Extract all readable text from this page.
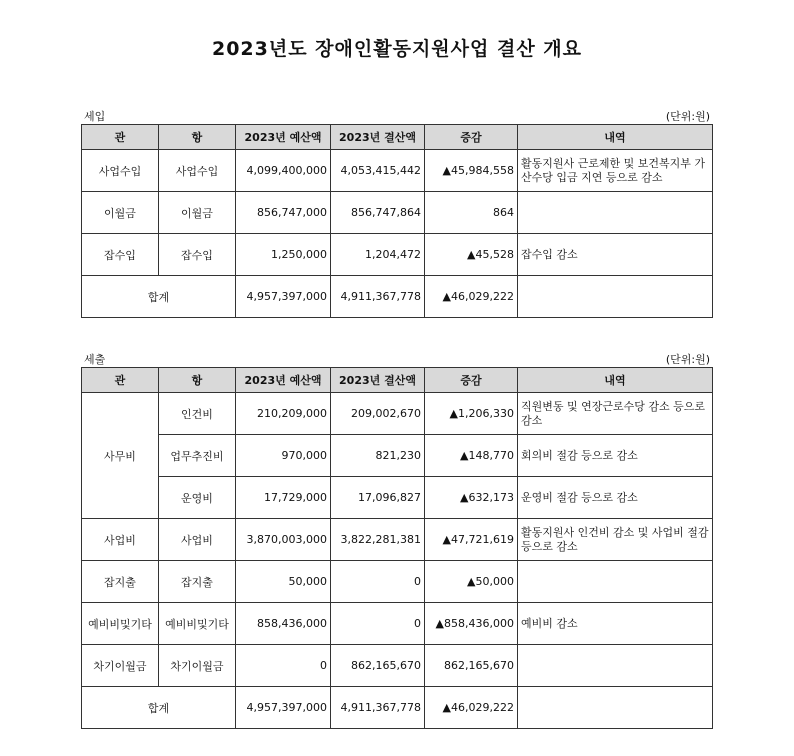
2023년도 장애인활동지원사업 결산 개요
세입	(단위:원)
관	항	2023년 예산액	2023년 결산액	증감	내역
사업수입	사업수입	4,099,400,000	4,053,415,442	▲45,984,558	활동지원사 근로제한 및 보건복지부 가산수당 입금 지연 등으로 감소
이월금	이월금	856,747,000	856,747,864	864	
잡수입	잡수입	1,250,000	1,204,472	▲45,528	잡수입 감소
합계		4,957,397,000	4,911,367,778	▲46,029,222	
세출	(단위:원)
관	항	2023년 예산액	2023년 결산액	증감	내역
사무비	인건비	210,209,000	209,002,670	▲1,206,330	직원변동 및 연장근로수당 감소 등으로 감소
	업무추진비	970,000	821,230	▲148,770	회의비 절감 등으로 감소
	운영비	17,729,000	17,096,827	▲632,173	운영비 절감 등으로 감소
사업비	사업비	3,870,003,000	3,822,281,381	▲47,721,619	활동지원사 인건비 감소 및 사업비 절감 등으로 감소
잡지출	잡지출	50,000	0	▲50,000	
예비비및기타	예비비및기타	858,436,000	0	▲858,436,000	예비비 감소
차기이월금	차기이월금	0	862,165,670	862,165,670	
합계		4,957,397,000	4,911,367,778	▲46,029,222	
